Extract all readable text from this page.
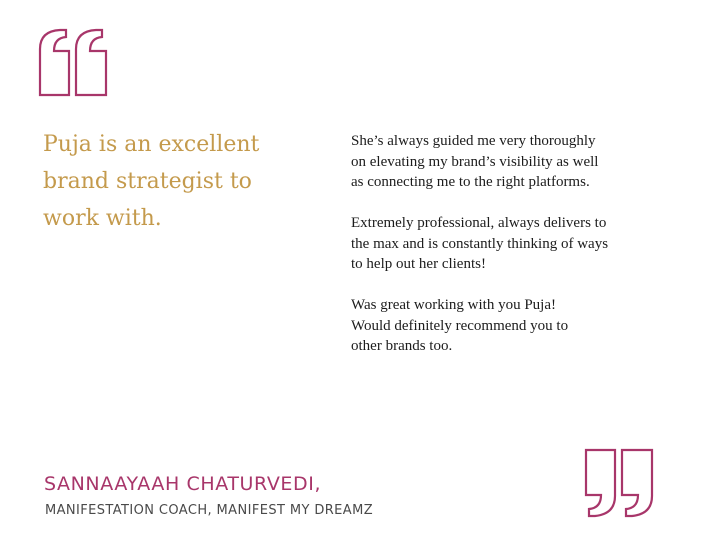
Puja is an excellent brand strategist to work with.

She’s always guided me very thoroughly
on elevating my brand’s visibility as well
as connecting me to the right platforms.

Extremely professional, always delivers to
the max and is constantly thinking of ways
to help out her clients!

Was great working with you Puja!
Would definitely recommend you to
other brands too.

SANNAAYAAH CHATURVEDI,

MANIFESTATION COACH, MANIFEST MY DREAMZ
